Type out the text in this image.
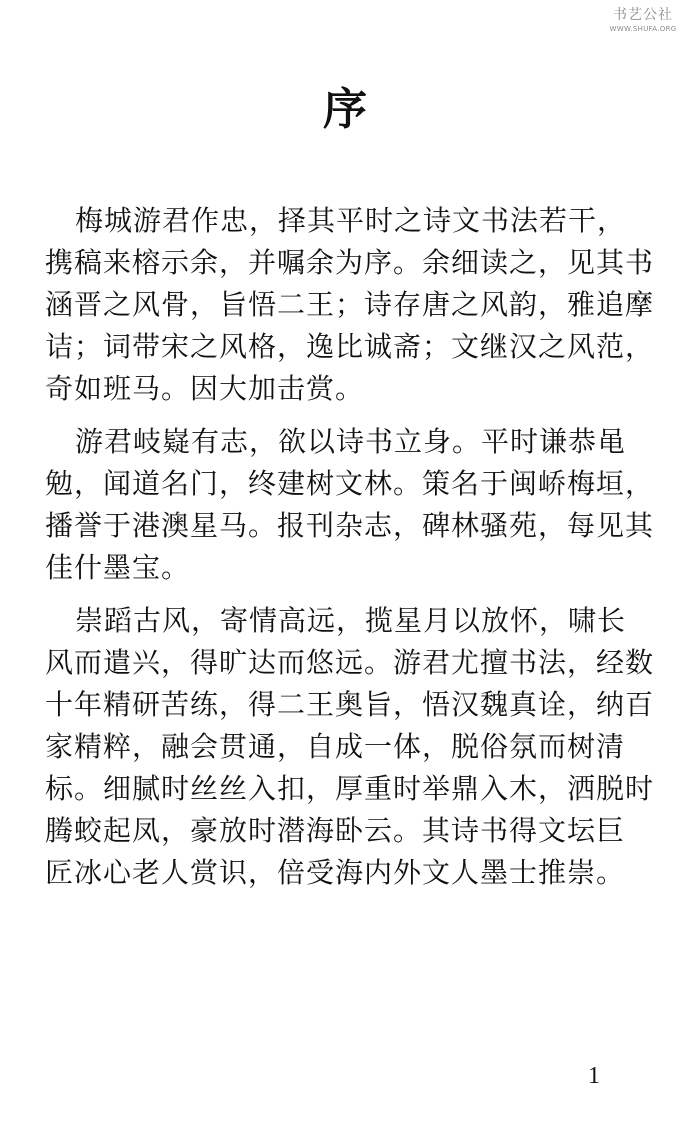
书艺公社
WWW.SHUFA.ORG
序
梅城游君作忠，择其平时之诗文书法若干，
携稿来榕示余，并嘱余为序。余细读之，见其书
涵晋之风骨，旨悟二王；诗存唐之风韵，雅追摩
诘；词带宋之风格，逸比诚斋；文继汉之风范，
奇如班马。因大加击赏。
游君岐嶷有志，欲以诗书立身。平时谦恭黾
勉，闻道名门，终建树文林。策名于闽峤梅垣，
播誉于港澳星马。报刊杂志，碑林骚苑，每见其
佳什墨宝。
崇蹈古风，寄情高远，揽星月以放怀，啸长
风而遣兴，得旷达而悠远。游君尤擅书法，经数
十年精研苦练，得二王奥旨，悟汉魏真诠，纳百
家精粹，融会贯通，自成一体，脱俗氛而树清
标。细腻时丝丝入扣，厚重时举鼎入木，洒脱时
腾蛟起凤，豪放时潜海卧云。其诗书得文坛巨
匠冰心老人赏识，倍受海内外文人墨士推崇。
1
